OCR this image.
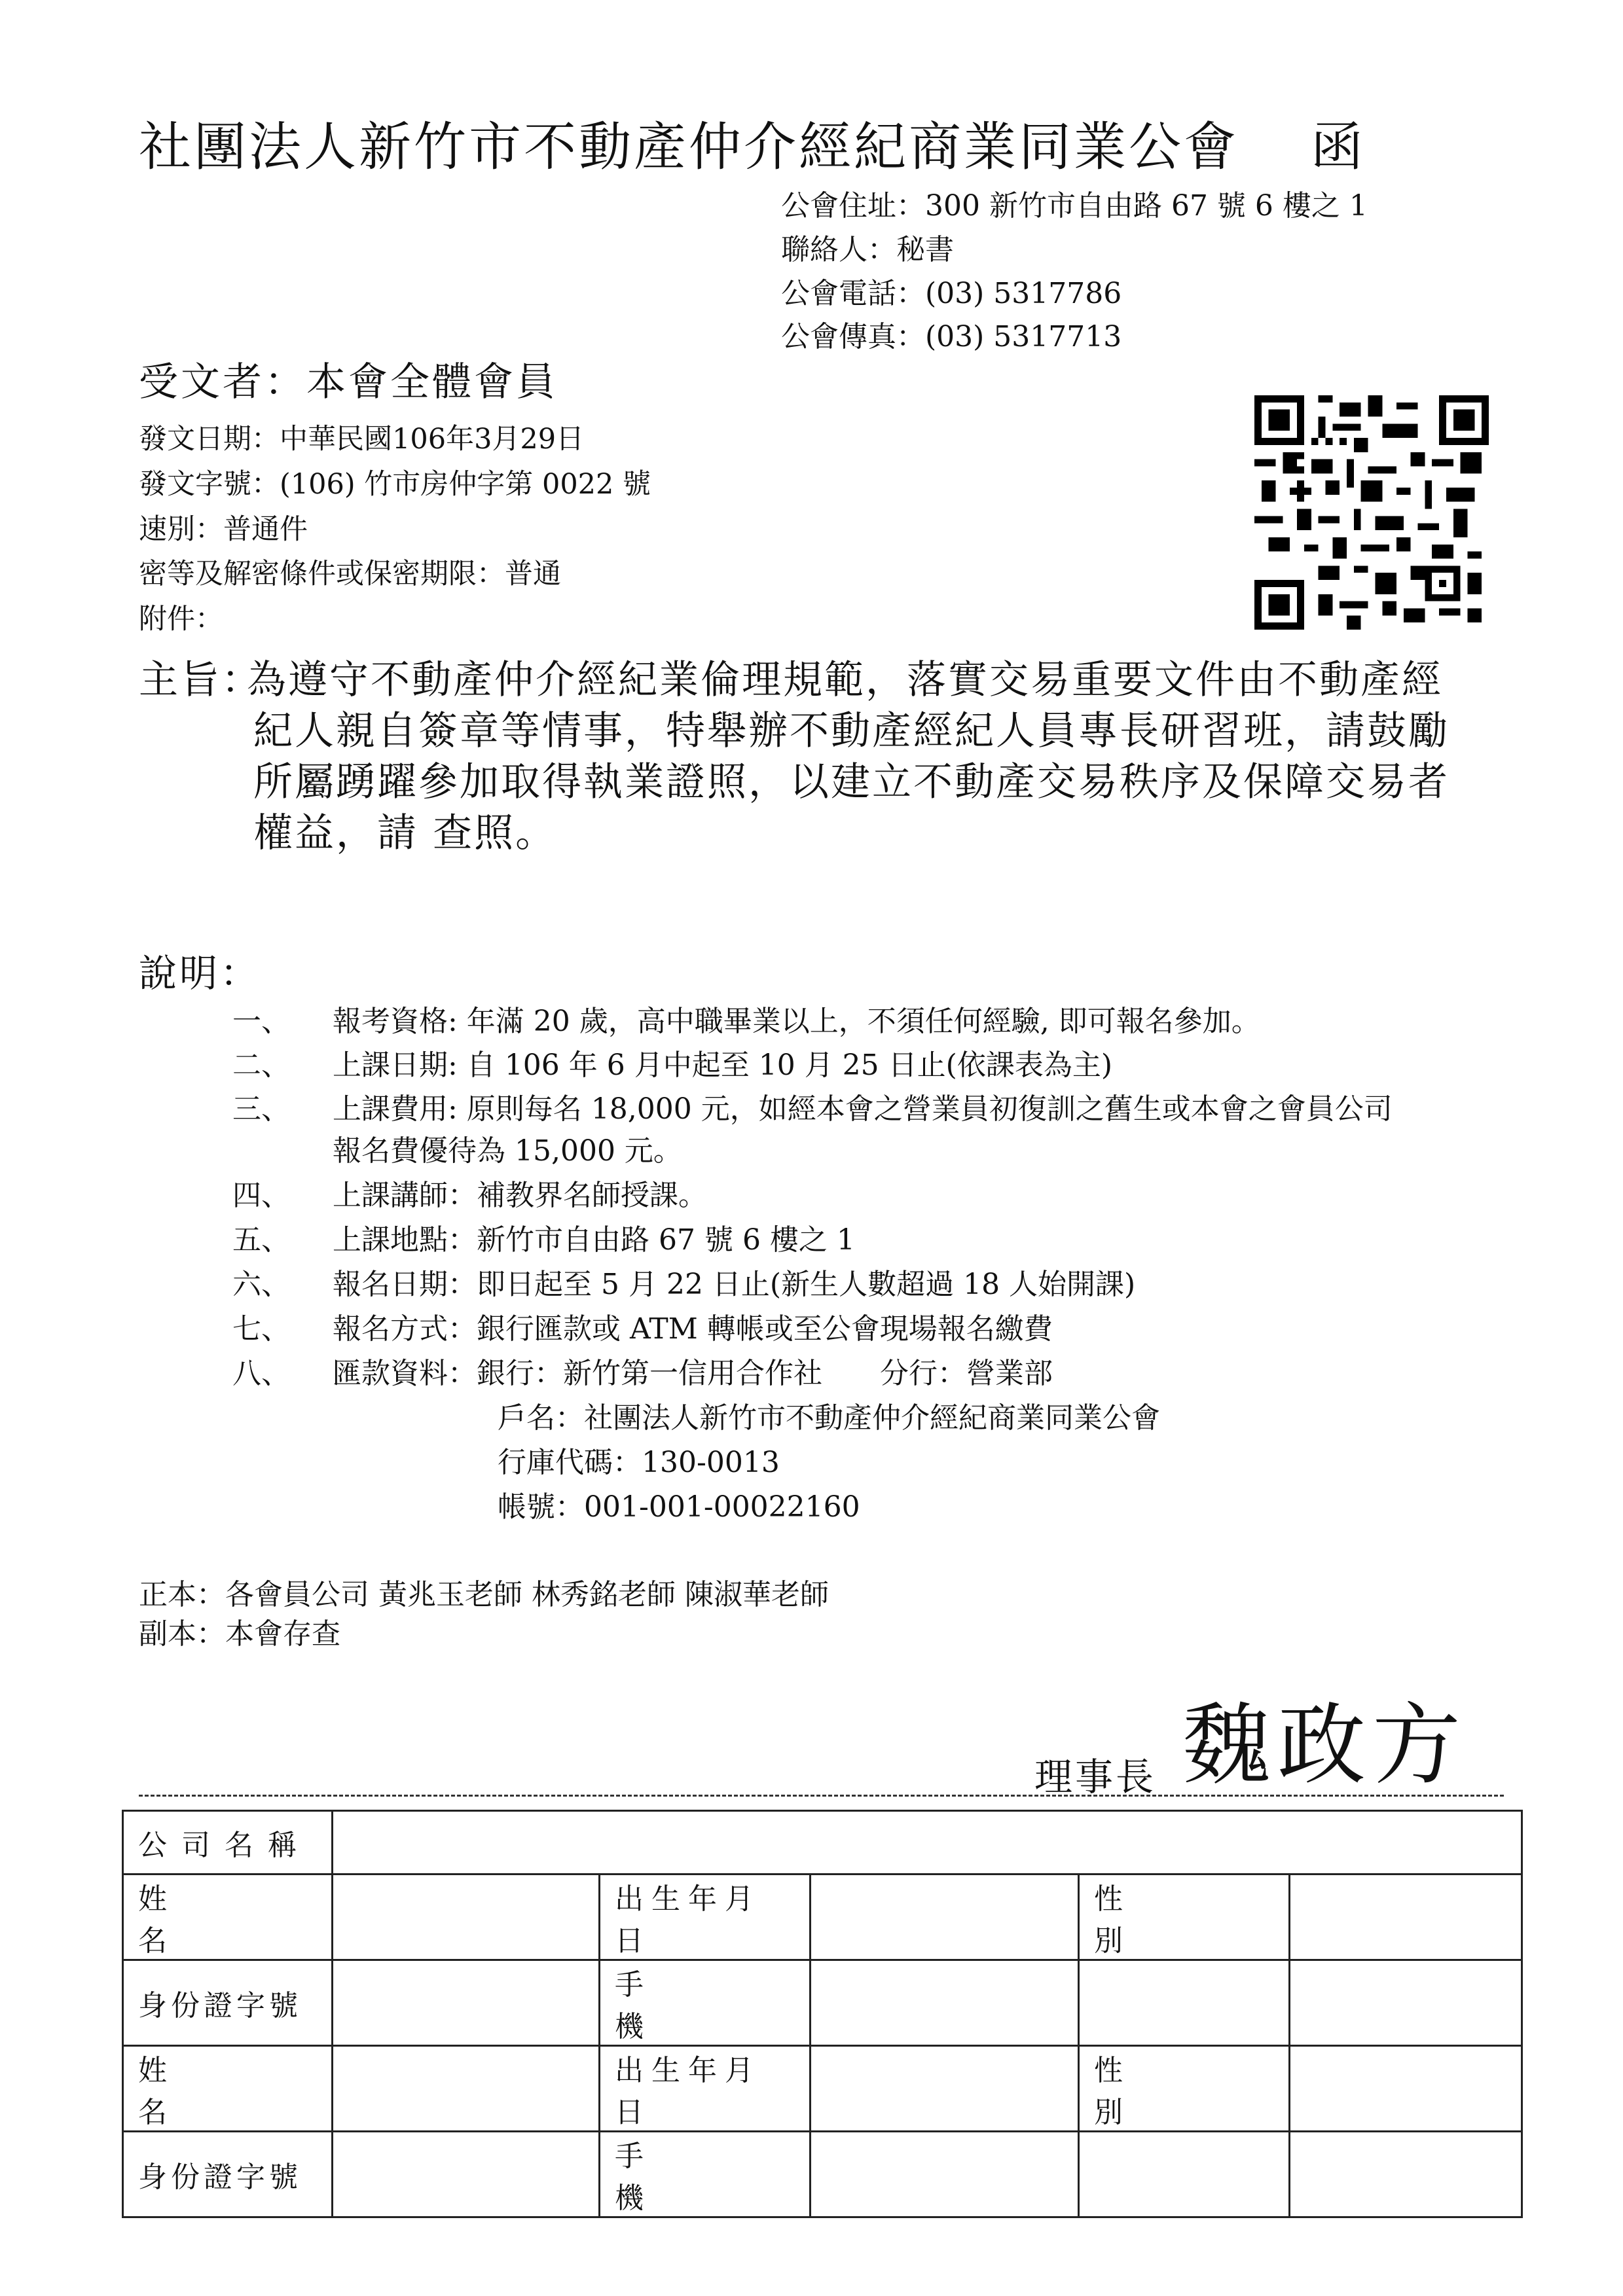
社團法人新竹市不動產仲介經紀商業同業公會 函
公會住址：300 新竹市自由路 67 號 6 樓之 1
聯絡人：秘書
公會電話：(03) 5317786
公會傳真：(03) 5317713
受文者：本會全體會員
發文日期：中華民國106年3月29日
發文字號：(106) 竹市房仲字第 0022 號
速別：普通件
密等及解密條件或保密期限：普通
附件：
主旨：
為遵守不動產仲介經紀業倫理規範，落實交易重要文件由不動產經
紀人親自簽章等情事，特舉辦不動產經紀人員專長研習班，請鼓勵
所屬踴躍參加取得執業證照，以建立不動產交易秩序及保障交易者
權益，請 查照。
說明：
一、 報考資格: 年滿 20 歲，高中職畢業以上，不須任何經驗, 即可報名參加。
二、 上課日期: 自 106 年 6 月中起至 10 月 25 日止(依課表為主)
三、 上課費用: 原則每名 18,000 元，如經本會之營業員初復訓之舊生或本會之會員公司
報名費優待為 15,000 元。
四、 上課講師：補教界名師授課。
五、 上課地點：新竹市自由路 67 號 6 樓之 1
六、 報名日期：即日起至 5 月 22 日止(新生人數超過 18 人始開課)
七、 報名方式：銀行匯款或 ATM 轉帳或至公會現場報名繳費
八、 匯款資料：銀行：新竹第一信用合作社　　分行：營業部
戶名：社團法人新竹市不動產仲介經紀商業同業公會
行庫代碼：130-0013
帳號：001-001-00022160
正本：各會員公司 黃兆玉老師 林秀銘老師 陳淑華老師
副本：本會存查
理事長 魏政方
公司名稱					

姓名		出生年月日		性別	
身份證字號		手機			
姓名		出生年月日		性別	
身份證字號		手機			
